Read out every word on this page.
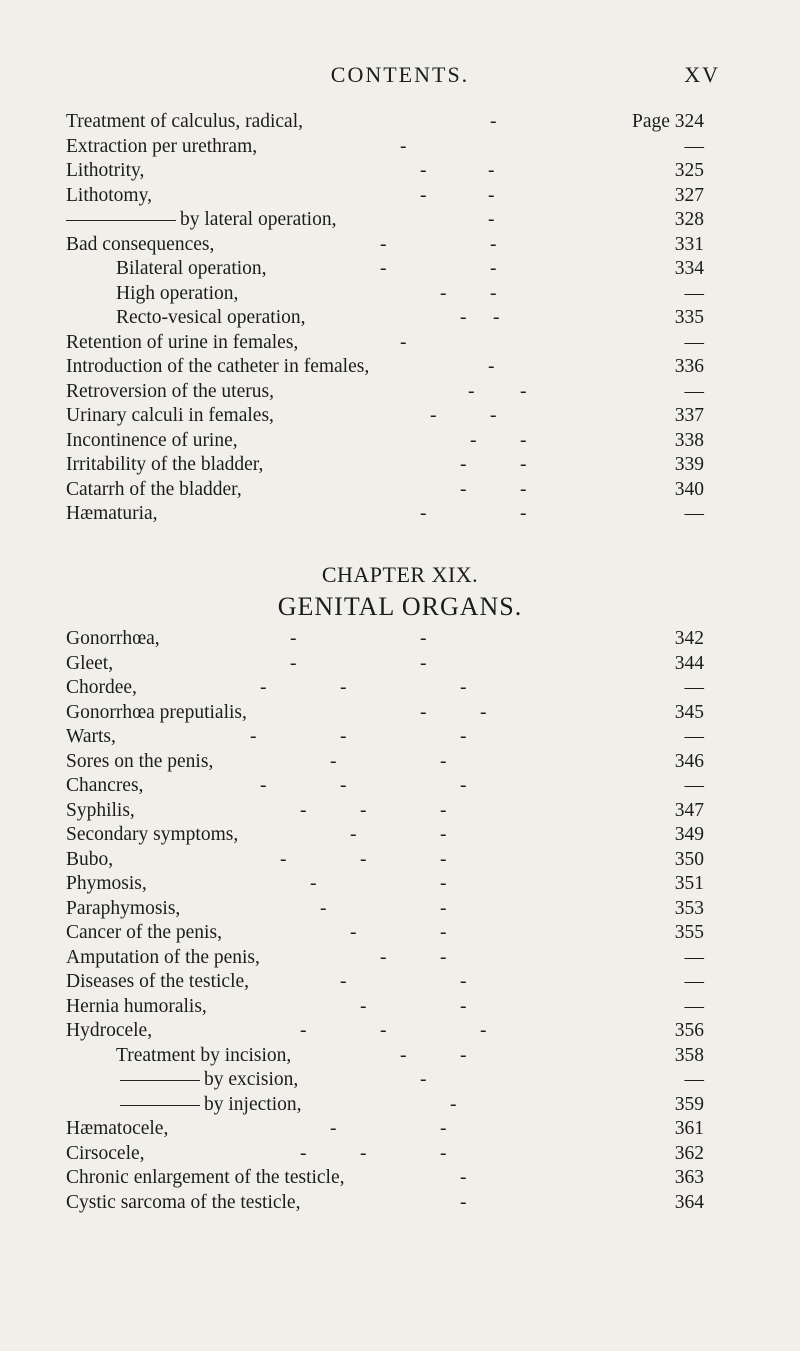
CONTENTS.	XV
Treatment of calculus, radical,	-	Page 324
Extraction per urethram,	-	—
Lithotrity,	-	-	325
Lithotomy,	-	-	327
by lateral operation,	-	328
Bad consequences,	-	-	331
Bilateral operation,	-	-	334
High operation,	- -	—
Recto-vesical operation,	- -	335
Retention of urine in females,	-	—
Introduction of the catheter in females,	-	336
Retroversion of the uterus,	- -	—
Urinary calculi in females,	-	-	337
Incontinence of urine,	- -	338
Irritability of the bladder,	-	-	339
Catarrh of the bladder,	-	-	340
Hæmaturia,	-	-	—
CHAPTER XIX.
GENITAL ORGANS.
Gonorrhœa,	-	-	342
Gleet,	-	-	344
Chordee,	-	-	-	—
Gonorrhœa preputialis,	-	-	345
Warts,	-	-	-	—
Sores on the penis,	-	-	346
Chancres,	-	-	-	—
Syphilis,	-	-	-	347
Secondary symptoms,	-	-	349
Bubo,	-	-	-	350
Phymosis,	-	-	351
Paraphymosis,	-	-	353
Cancer of the penis,	-	-	355
Amputation of the penis,	-	-	—
Diseases of the testicle,	-	-	—
Hernia humoralis,	-	-	—
Hydrocele,	-	-	-	356
Treatment by incision,	-	-	358
by excision,	-	—
by injection,	-	359
Hæmatocele,	-	-	361
Cirsocele,	-	-	-	362
Chronic enlargement of the testicle,	-	363
Cystic sarcoma of the testicle,	-	364
